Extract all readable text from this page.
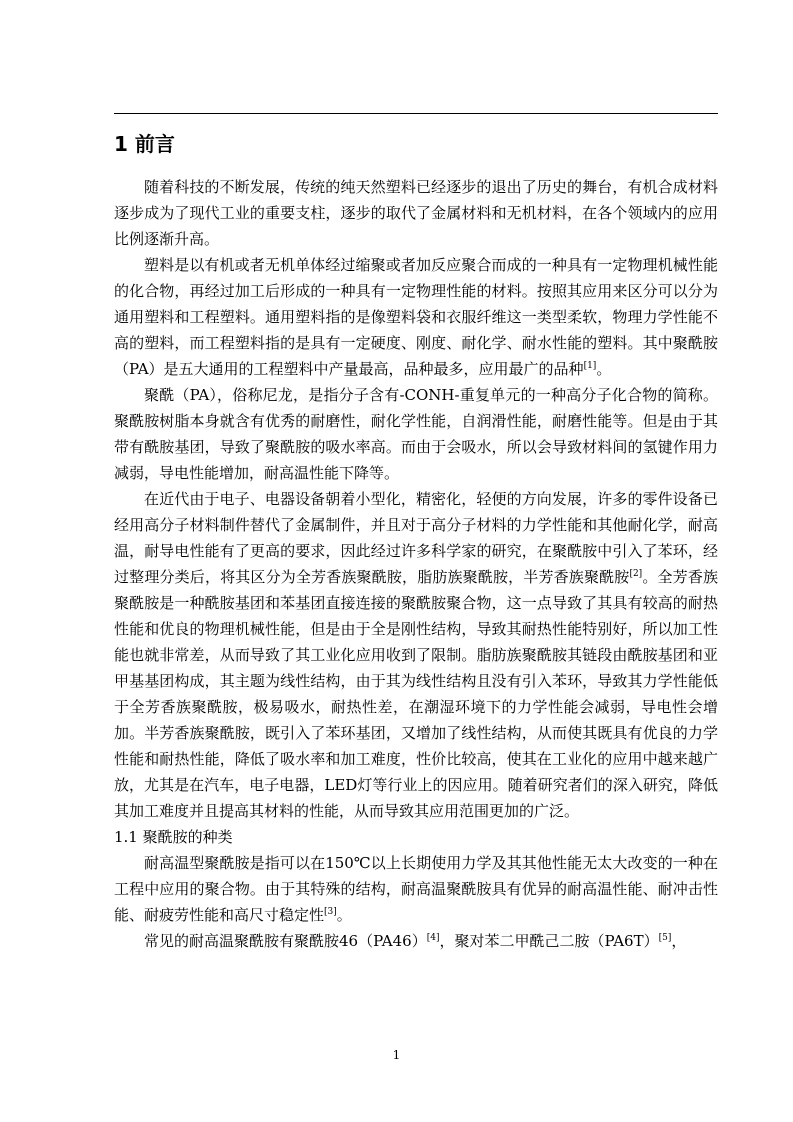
1 前言

随着科技的不断发展，传统的纯天然塑料已经逐步的退出了历史的舞台，有机合成材料逐步成为了现代工业的重要支柱，逐步的取代了金属材料和无机材料，在各个领域内的应用比例逐渐升高。

塑料是以有机或者无机单体经过缩聚或者加反应聚合而成的一种具有一定物理机械性能的化合物，再经过加工后形成的一种具有一定物理性能的材料。按照其应用来区分可以分为通用塑料和工程塑料。通用塑料指的是像塑料袋和衣服纤维这一类型柔软，物理力学性能不高的塑料，而工程塑料指的是具有一定硬度、刚度、耐化学、耐水性能的塑料。其中聚酰胺（PA）是五大通用的工程塑料中产量最高，品种最多，应用最广的品种[1]。

聚酰（PA），俗称尼龙，是指分子含有-CONH-重复单元的一种高分子化合物的简称。聚酰胺树脂本身就含有优秀的耐磨性，耐化学性能，自润滑性能，耐磨性能等。但是由于其带有酰胺基团，导致了聚酰胺的吸水率高。而由于会吸水，所以会导致材料间的氢键作用力减弱，导电性能增加，耐高温性能下降等。

在近代由于电子、电器设备朝着小型化，精密化，轻便的方向发展，许多的零件设备已经用高分子材料制件替代了金属制件，并且对于高分子材料的力学性能和其他耐化学，耐高温，耐导电性能有了更高的要求，因此经过许多科学家的研究，在聚酰胺中引入了苯环，经过整理分类后，将其区分为全芳香族聚酰胺，脂肪族聚酰胺，半芳香族聚酰胺[2]。全芳香族聚酰胺是一种酰胺基团和苯基团直接连接的聚酰胺聚合物，这一点导致了其具有较高的耐热性能和优良的物理机械性能，但是由于全是刚性结构，导致其耐热性能特别好，所以加工性能也就非常差，从而导致了其工业化应用收到了限制。脂肪族聚酰胺其链段由酰胺基团和亚甲基基团构成，其主题为线性结构，由于其为线性结构且没有引入苯环，导致其力学性能低于全芳香族聚酰胺，极易吸水，耐热性差，在潮湿环境下的力学性能会减弱，导电性会增加。半芳香族聚酰胺，既引入了苯环基团，又增加了线性结构，从而使其既具有优良的力学性能和耐热性能，降低了吸水率和加工难度，性价比较高，使其在工业化的应用中越来越广放，尤其是在汽车，电子电器，LED灯等行业上的因应用。随着研究者们的深入研究，降低其加工难度并且提高其材料的性能，从而导致其应用范围更加的广泛。

1.1 聚酰胺的种类

耐高温型聚酰胺是指可以在150℃以上长期使用力学及其其他性能无太大改变的一种在工程中应用的聚合物。由于其特殊的结构，耐高温聚酰胺具有优异的耐高温性能、耐冲击性能、耐疲劳性能和高尺寸稳定性[3]。

常见的耐高温聚酰胺有聚酰胺46（PA46）[4]，聚对苯二甲酰己二胺（PA6T）[5]，

1
